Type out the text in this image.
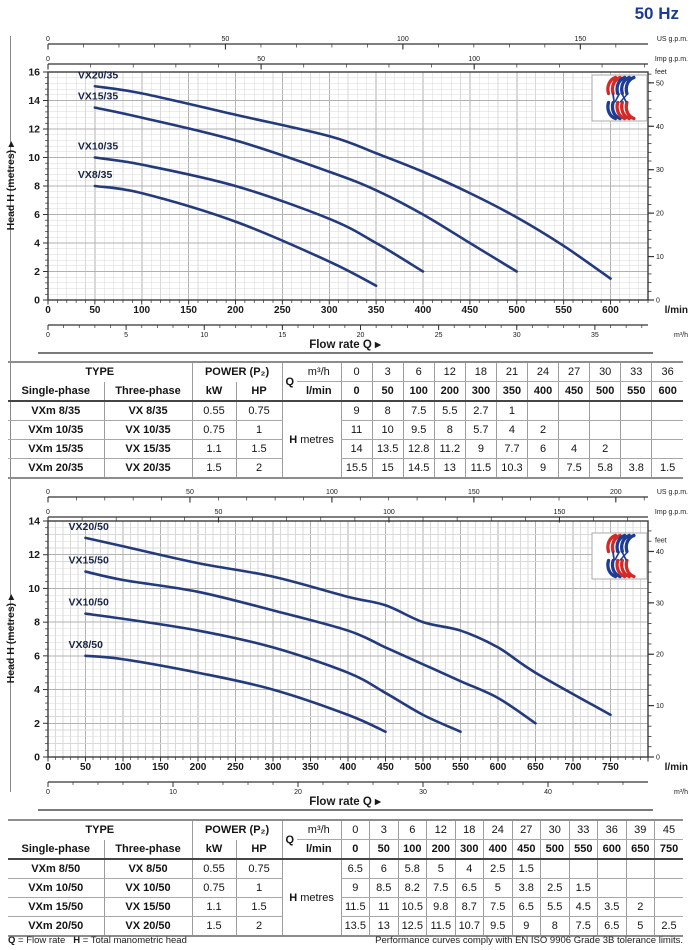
50 Hz
VX
VX20/35
VX15/35
VX10/35
VX8/35
0
2
4
6
8
10
12
14
16
Head H (metres) ▸
0
10
20
30
40
50
feet
0	50	100	150	200	250	300	350	400	450	500	550	600	l/min
0	5	10	15	20	25	30	35	m³/h
0	50	100	150	US g.p.m.
0	50	100	Imp g.p.m.
Flow rate Q ▸
TYPE		POWER (P₂)		Q	m³/h	0	3	6	12	18	21	24	27	30	33	36
Single-phase	Three-phase	kW	HP		l/min	0	50	100	200	300	350	400	450	500	550	600
VXm 8/35	VX 8/35	0.55	0.75	H metres		9	8	7.5	5.5	2.7	1					
VXm 10/35	VX 10/35	0.75	1			11	10	9.5	8	5.7	4	2				
VXm 15/35	VX 15/35	1.1	1.5			14	13.5	12.8	11.2	9	7.7	6	4	2		
VXm 20/35	VX 20/35	1.5	2			15.5	15	14.5	13	11.5	10.3	9	7.5	5.8	3.8	1.5
VX
VX20/50
VX15/50
VX10/50
VX8/50
0
2
4
6
8
10
12
14
Head H (metres) ▸
0
10
20
30
40
feet
0	50 100 150 200 250 300 350 400 450 500 550 600 650 700 750	l/min
0	10	20	30	40	m³/h
0	50	100	150	200	US g.p.m.
0	50	100	150	Imp g.p.m.
Flow rate Q ▸
TYPE		POWER (P₂)		Q	m³/h	0	3	6	12	18	24	27	30	33	36	39	45
Single-phase	Three-phase	kW	HP		l/min	0	50	100	200	300	400	450	500	550	600	650	750
VXm 8/50	VX 8/50	0.55	0.75	H metres		6.5	6	5.8	5	4	2.5	1.5					
VXm 10/50	VX 10/50	0.75	1			9	8.5	8.2	7.5	6.5	5	3.8	2.5	1.5			
VXm 15/50	VX 15/50	1.1	1.5			11.5	11	10.5	9.8	8.7	7.5	6.5	5.5	4.5	3.5	2	
VXm 20/50	VX 20/50	1.5	2			13.5	13	12.5	11.5	10.7	9.5	9	8	7.5	6.5	5	2.5
Q = Flow rate H = Total manometric head	Performance curves comply with EN ISO 9906 Grade 3B tolerance limits.
